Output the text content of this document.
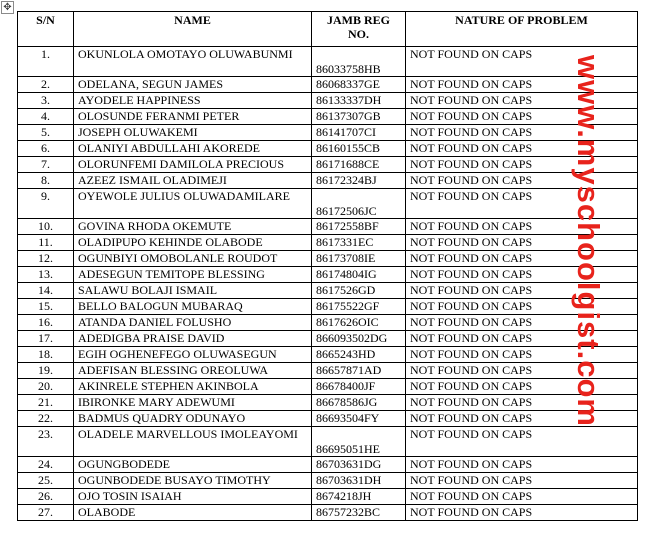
✥
S/N	NAME	JAMB REG NO.	NATURE OF PROBLEM
1.	OKUNLOLA OMOTAYO OLUWABUNMI	86033758HB	NOT FOUND ON CAPS
2.	ODELANA, SEGUN JAMES	86068337GE	NOT FOUND ON CAPS
3.	AYODELE HAPPINESS	86133337DH	NOT FOUND ON CAPS
4.	OLOSUNDE FERANMI PETER	86137307GB	NOT FOUND ON CAPS
5.	JOSEPH OLUWAKEMI	86141707CI	NOT FOUND ON CAPS
6.	OLANIYI ABDULLAHI AKOREDE	86160155CB	NOT FOUND ON CAPS
7.	OLORUNFEMI DAMILOLA PRECIOUS	86171688CE	NOT FOUND ON CAPS
8.	AZEEZ ISMAIL OLADIMEJI	86172324BJ	NOT FOUND ON CAPS
9.	OYEWOLE JULIUS OLUWADAMILARE	86172506JC	NOT FOUND ON CAPS
10.	GOVINA RHODA OKEMUTE	86172558BF	NOT FOUND ON CAPS
11.	OLADIPUPO KEHINDE OLABODE	8617331EC	NOT FOUND ON CAPS
12.	OGUNBIYI OMOBOLANLE ROUDOT	86173708IE	NOT FOUND ON CAPS
13.	ADESEGUN TEMITOPE BLESSING	86174804IG	NOT FOUND ON CAPS
14.	SALAWU BOLAJI ISMAIL	8617526GD	NOT FOUND ON CAPS
15.	BELLO BALOGUN MUBARAQ	86175522GF	NOT FOUND ON CAPS
16.	ATANDA DANIEL FOLUSHO	8617626OIC	NOT FOUND ON CAPS
17.	ADEDIGBA PRAISE DAVID	866093502DG	NOT FOUND ON CAPS
18.	EGIH OGHENEFEGO OLUWASEGUN	8665243HD	NOT FOUND ON CAPS
19.	ADEFISAN BLESSING OREOLUWA	86657871AD	NOT FOUND ON CAPS
20.	AKINRELE STEPHEN AKINBOLA	86678400JF	NOT FOUND ON CAPS
21.	IBIRONKE MARY ADEWUMI	86678586JG	NOT FOUND ON CAPS
22.	BADMUS QUADRY ODUNAYO	86693504FY	NOT FOUND ON CAPS
23.	OLADELE MARVELLOUS IMOLEAYOMI	86695051HE	NOT FOUND ON CAPS
24.	OGUNGBODEDE	86703631DG	NOT FOUND ON CAPS
25.	OGUNBODEDE BUSAYO TIMOTHY	86703631DH	NOT FOUND ON CAPS
26.	OJO TOSIN ISAIAH	8674218JH	NOT FOUND ON CAPS
27.	OLABODE	86757232BC	NOT FOUND ON CAPS
www.myschoolgist.com
